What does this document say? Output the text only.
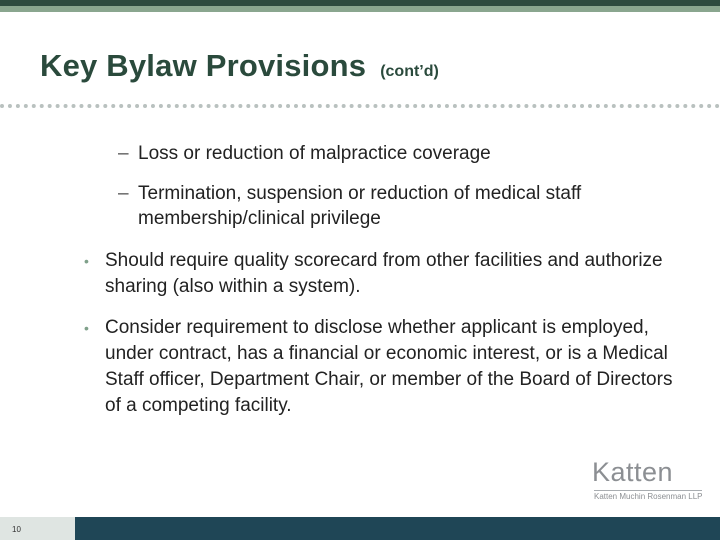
Key Bylaw Provisions (cont’d)
– Loss or reduction of malpractice coverage
– Termination, suspension or reduction of medical staff membership/clinical privilege
• Should require quality scorecard from other facilities and authorize sharing (also within a system).
• Consider requirement to disclose whether applicant is employed, under contract, has a financial or economic interest, or is a Medical Staff officer, Department Chair, or member of the Board of Directors of a competing facility.
Katten
Katten Muchin Rosenman LLP
10
